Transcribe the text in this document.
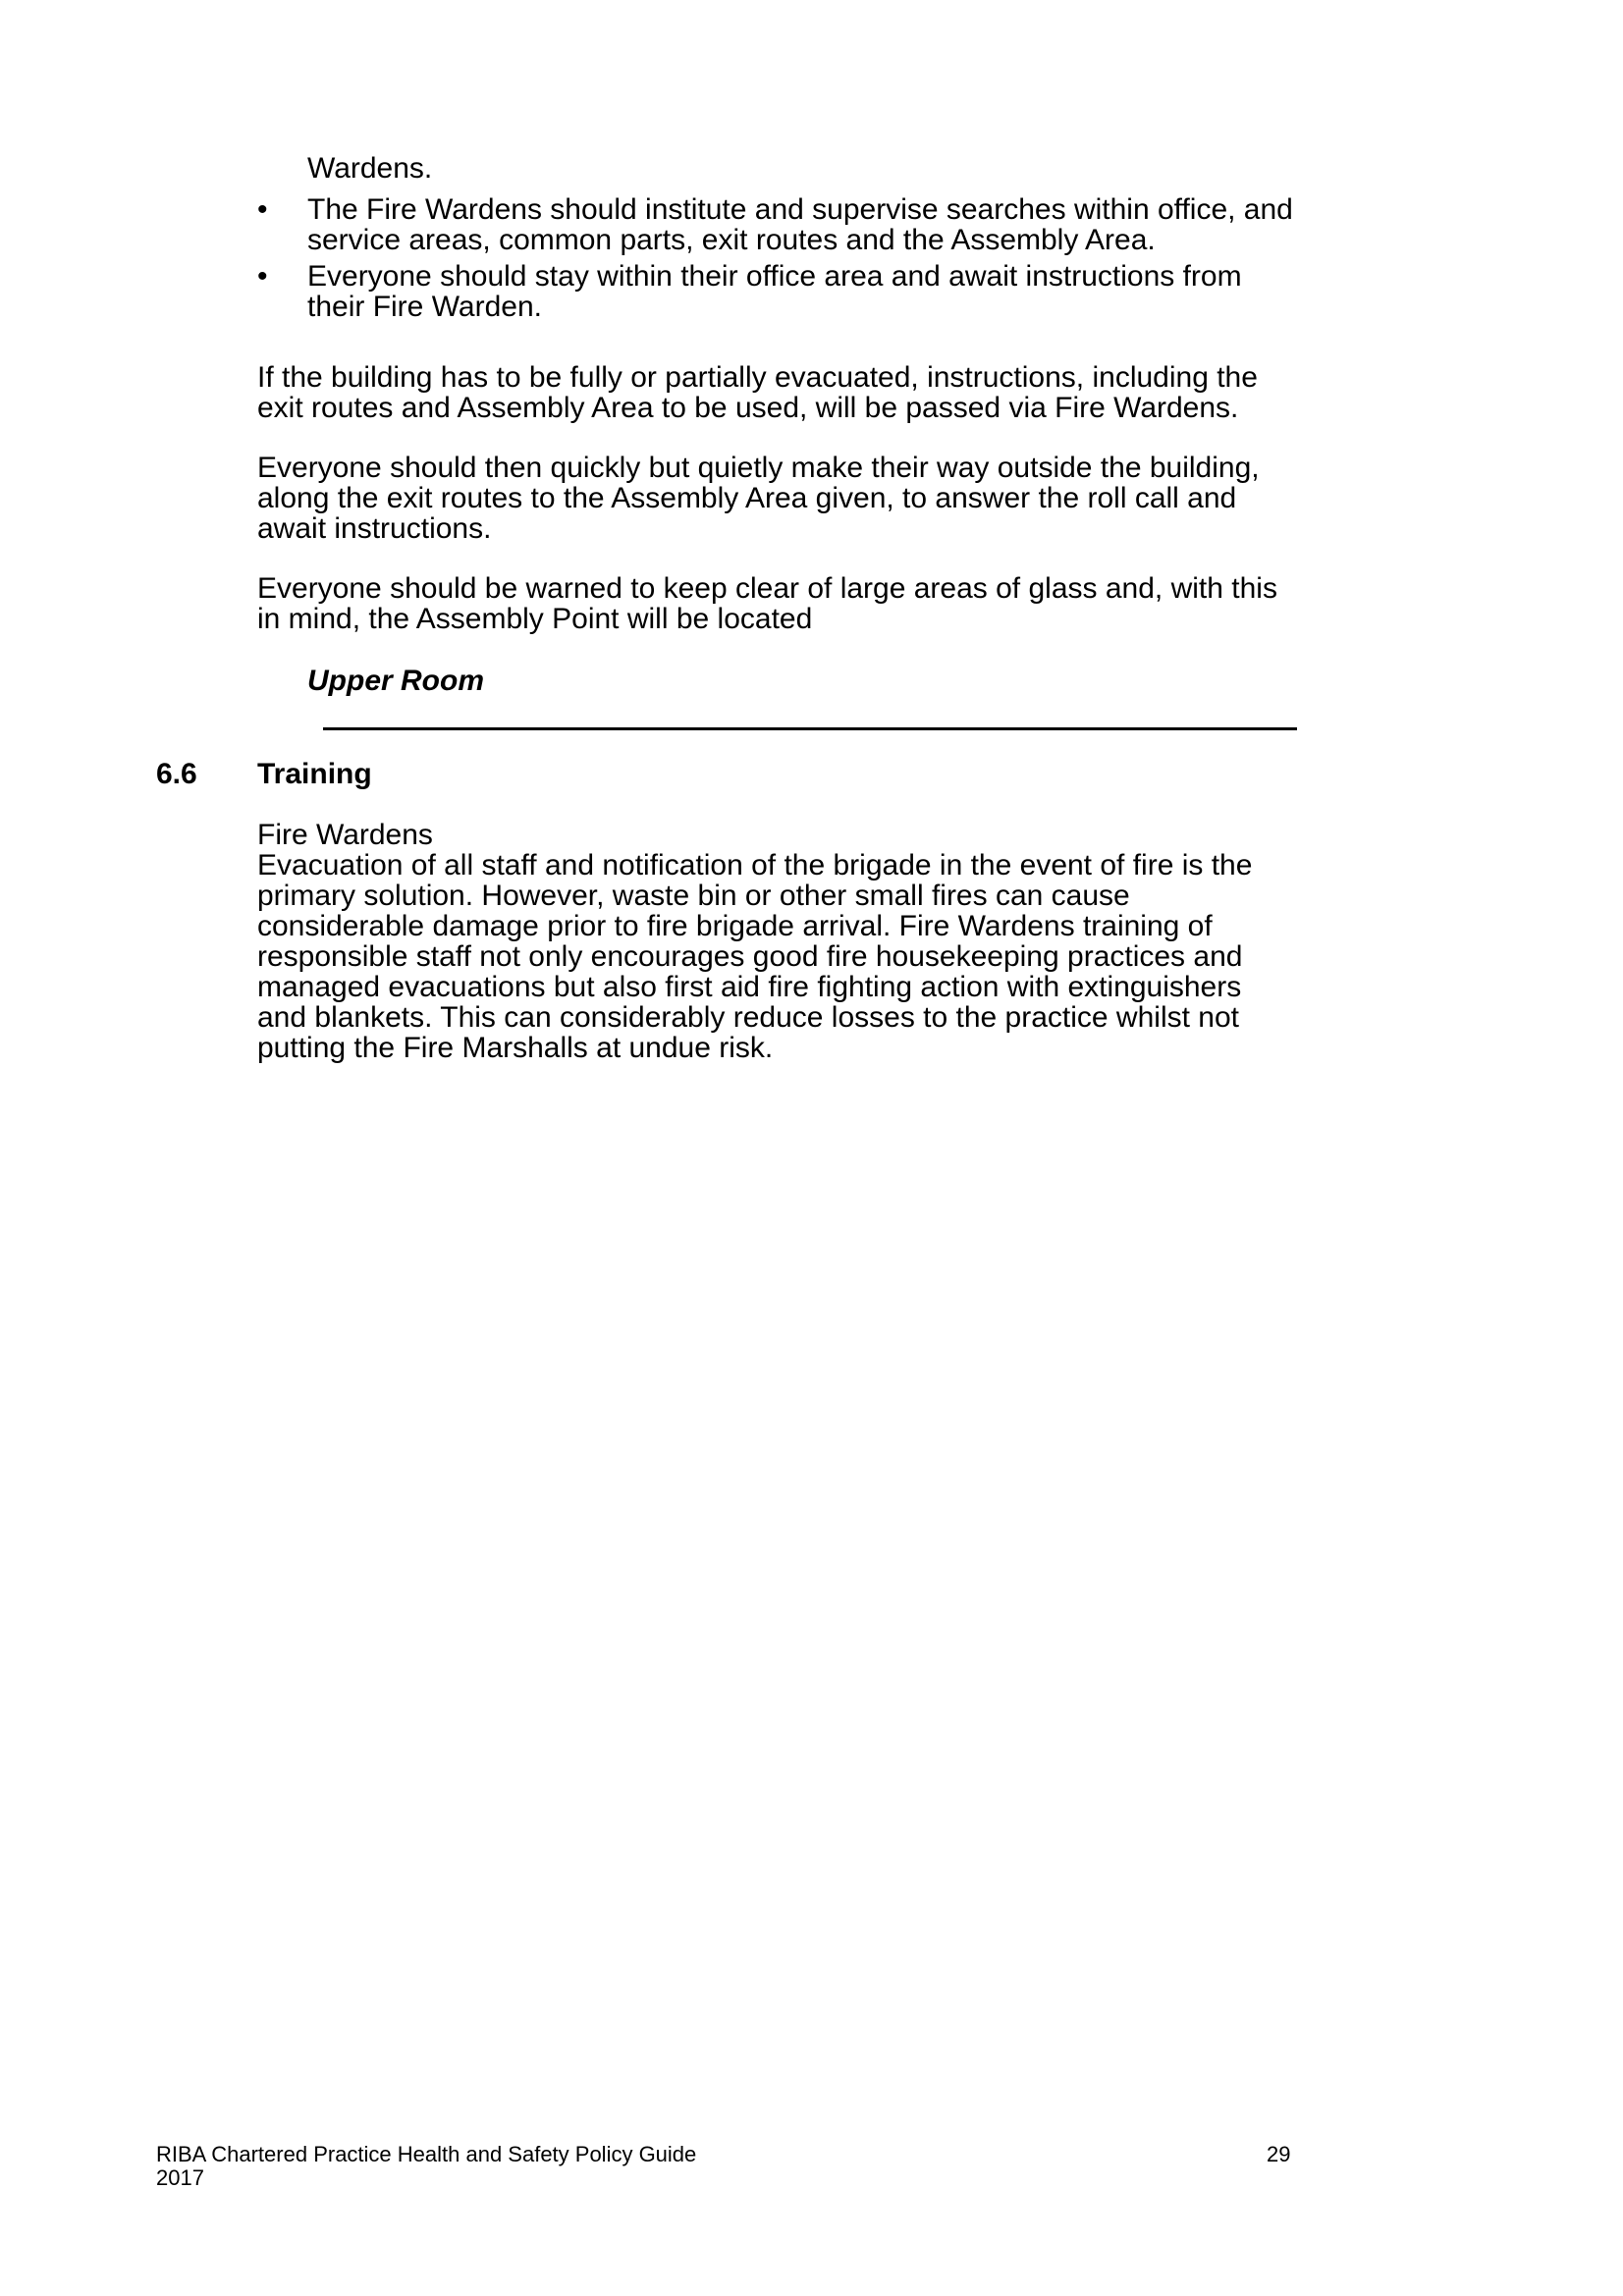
Wardens.
•	The Fire Wardens should institute and supervise searches within office, and service areas, common parts, exit routes and the Assembly Area.
•	Everyone should stay within their office area and await instructions from their Fire Warden.

If the building has to be fully or partially evacuated, instructions, including the exit routes and Assembly Area to be used, will be passed via Fire Wardens.

Everyone should then quickly but quietly make their way outside the building, along the exit routes to the Assembly Area given, to answer the roll call and await instructions.

Everyone should be warned to keep clear of large areas of glass and, with this in mind, the Assembly Point will be located

Upper Room
6.6 Training
Fire Wardens

Evacuation of all staff and notification of the brigade in the event of fire is the primary solution. However, waste bin or other small fires can cause considerable damage prior to fire brigade arrival. Fire Wardens training of responsible staff not only encourages good fire housekeeping practices and managed evacuations but also first aid fire fighting action with extinguishers and blankets. This can considerably reduce losses to the practice whilst not putting the Fire Marshalls at undue risk.

RIBA Chartered Practice Health and Safety Policy Guide
2017
29
